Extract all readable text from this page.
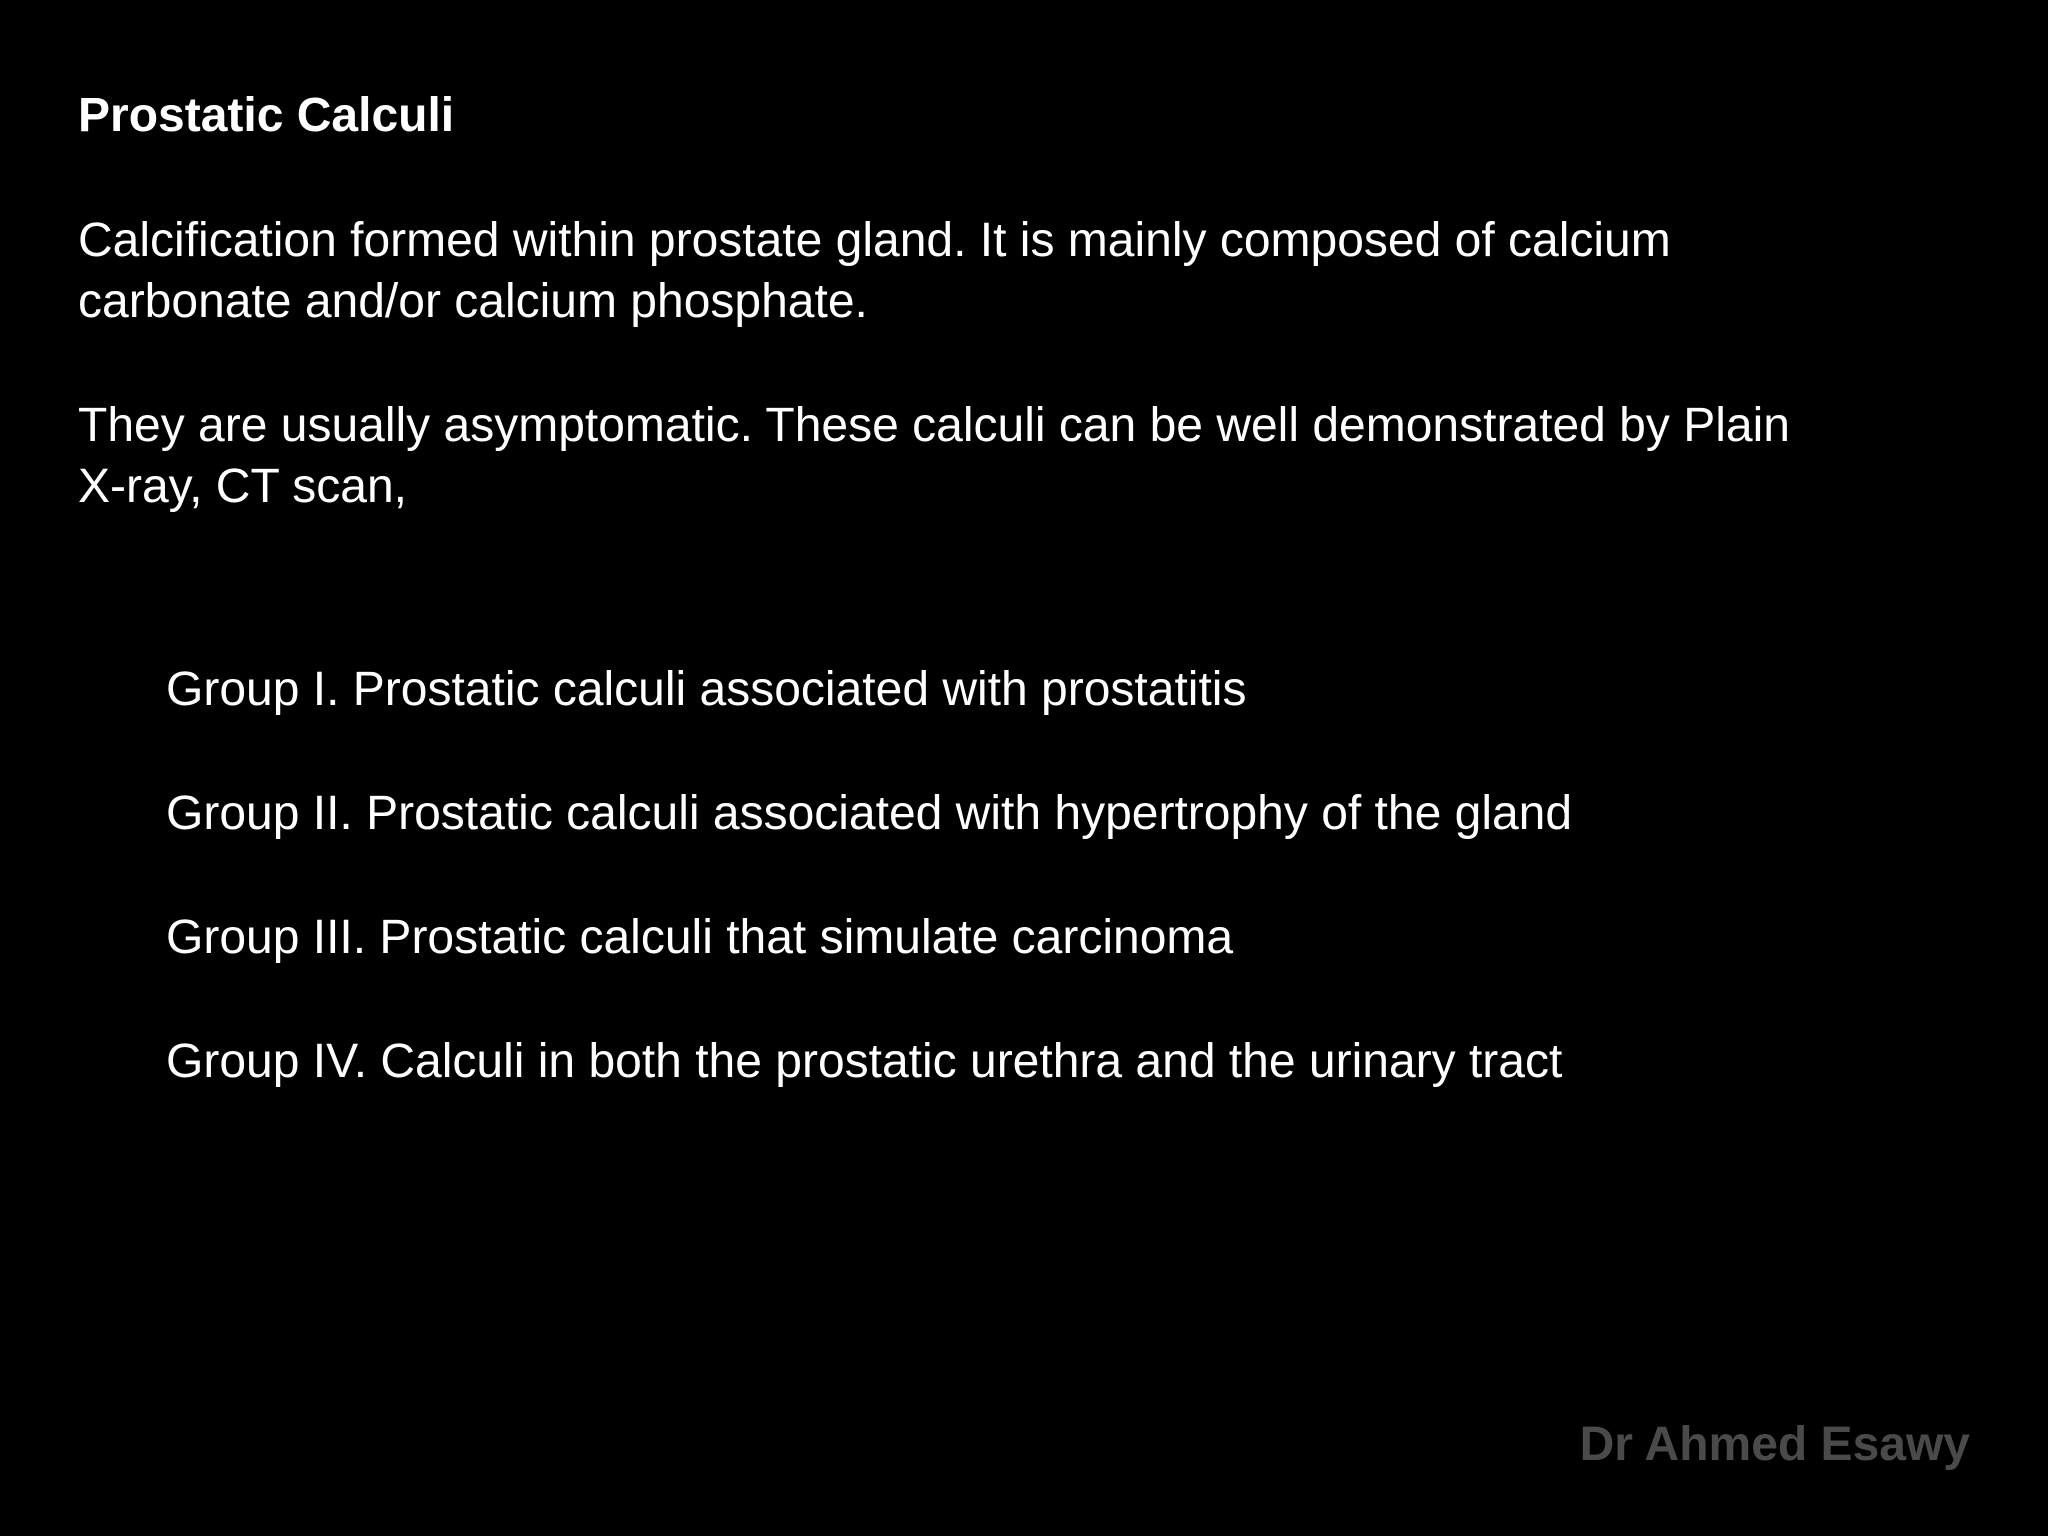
Prostatic Calculi
Calcification formed within prostate gland. It is mainly composed of calcium carbonate and/or calcium phosphate.
They are usually asymptomatic. These calculi can be well demonstrated by Plain X-ray, CT scan,
Group I. Prostatic calculi associated with prostatitis
Group II. Prostatic calculi associated with hypertrophy of the gland
Group III. Prostatic calculi that simulate carcinoma
Group IV. Calculi in both the prostatic urethra and the urinary tract
Dr Ahmed Esawy
